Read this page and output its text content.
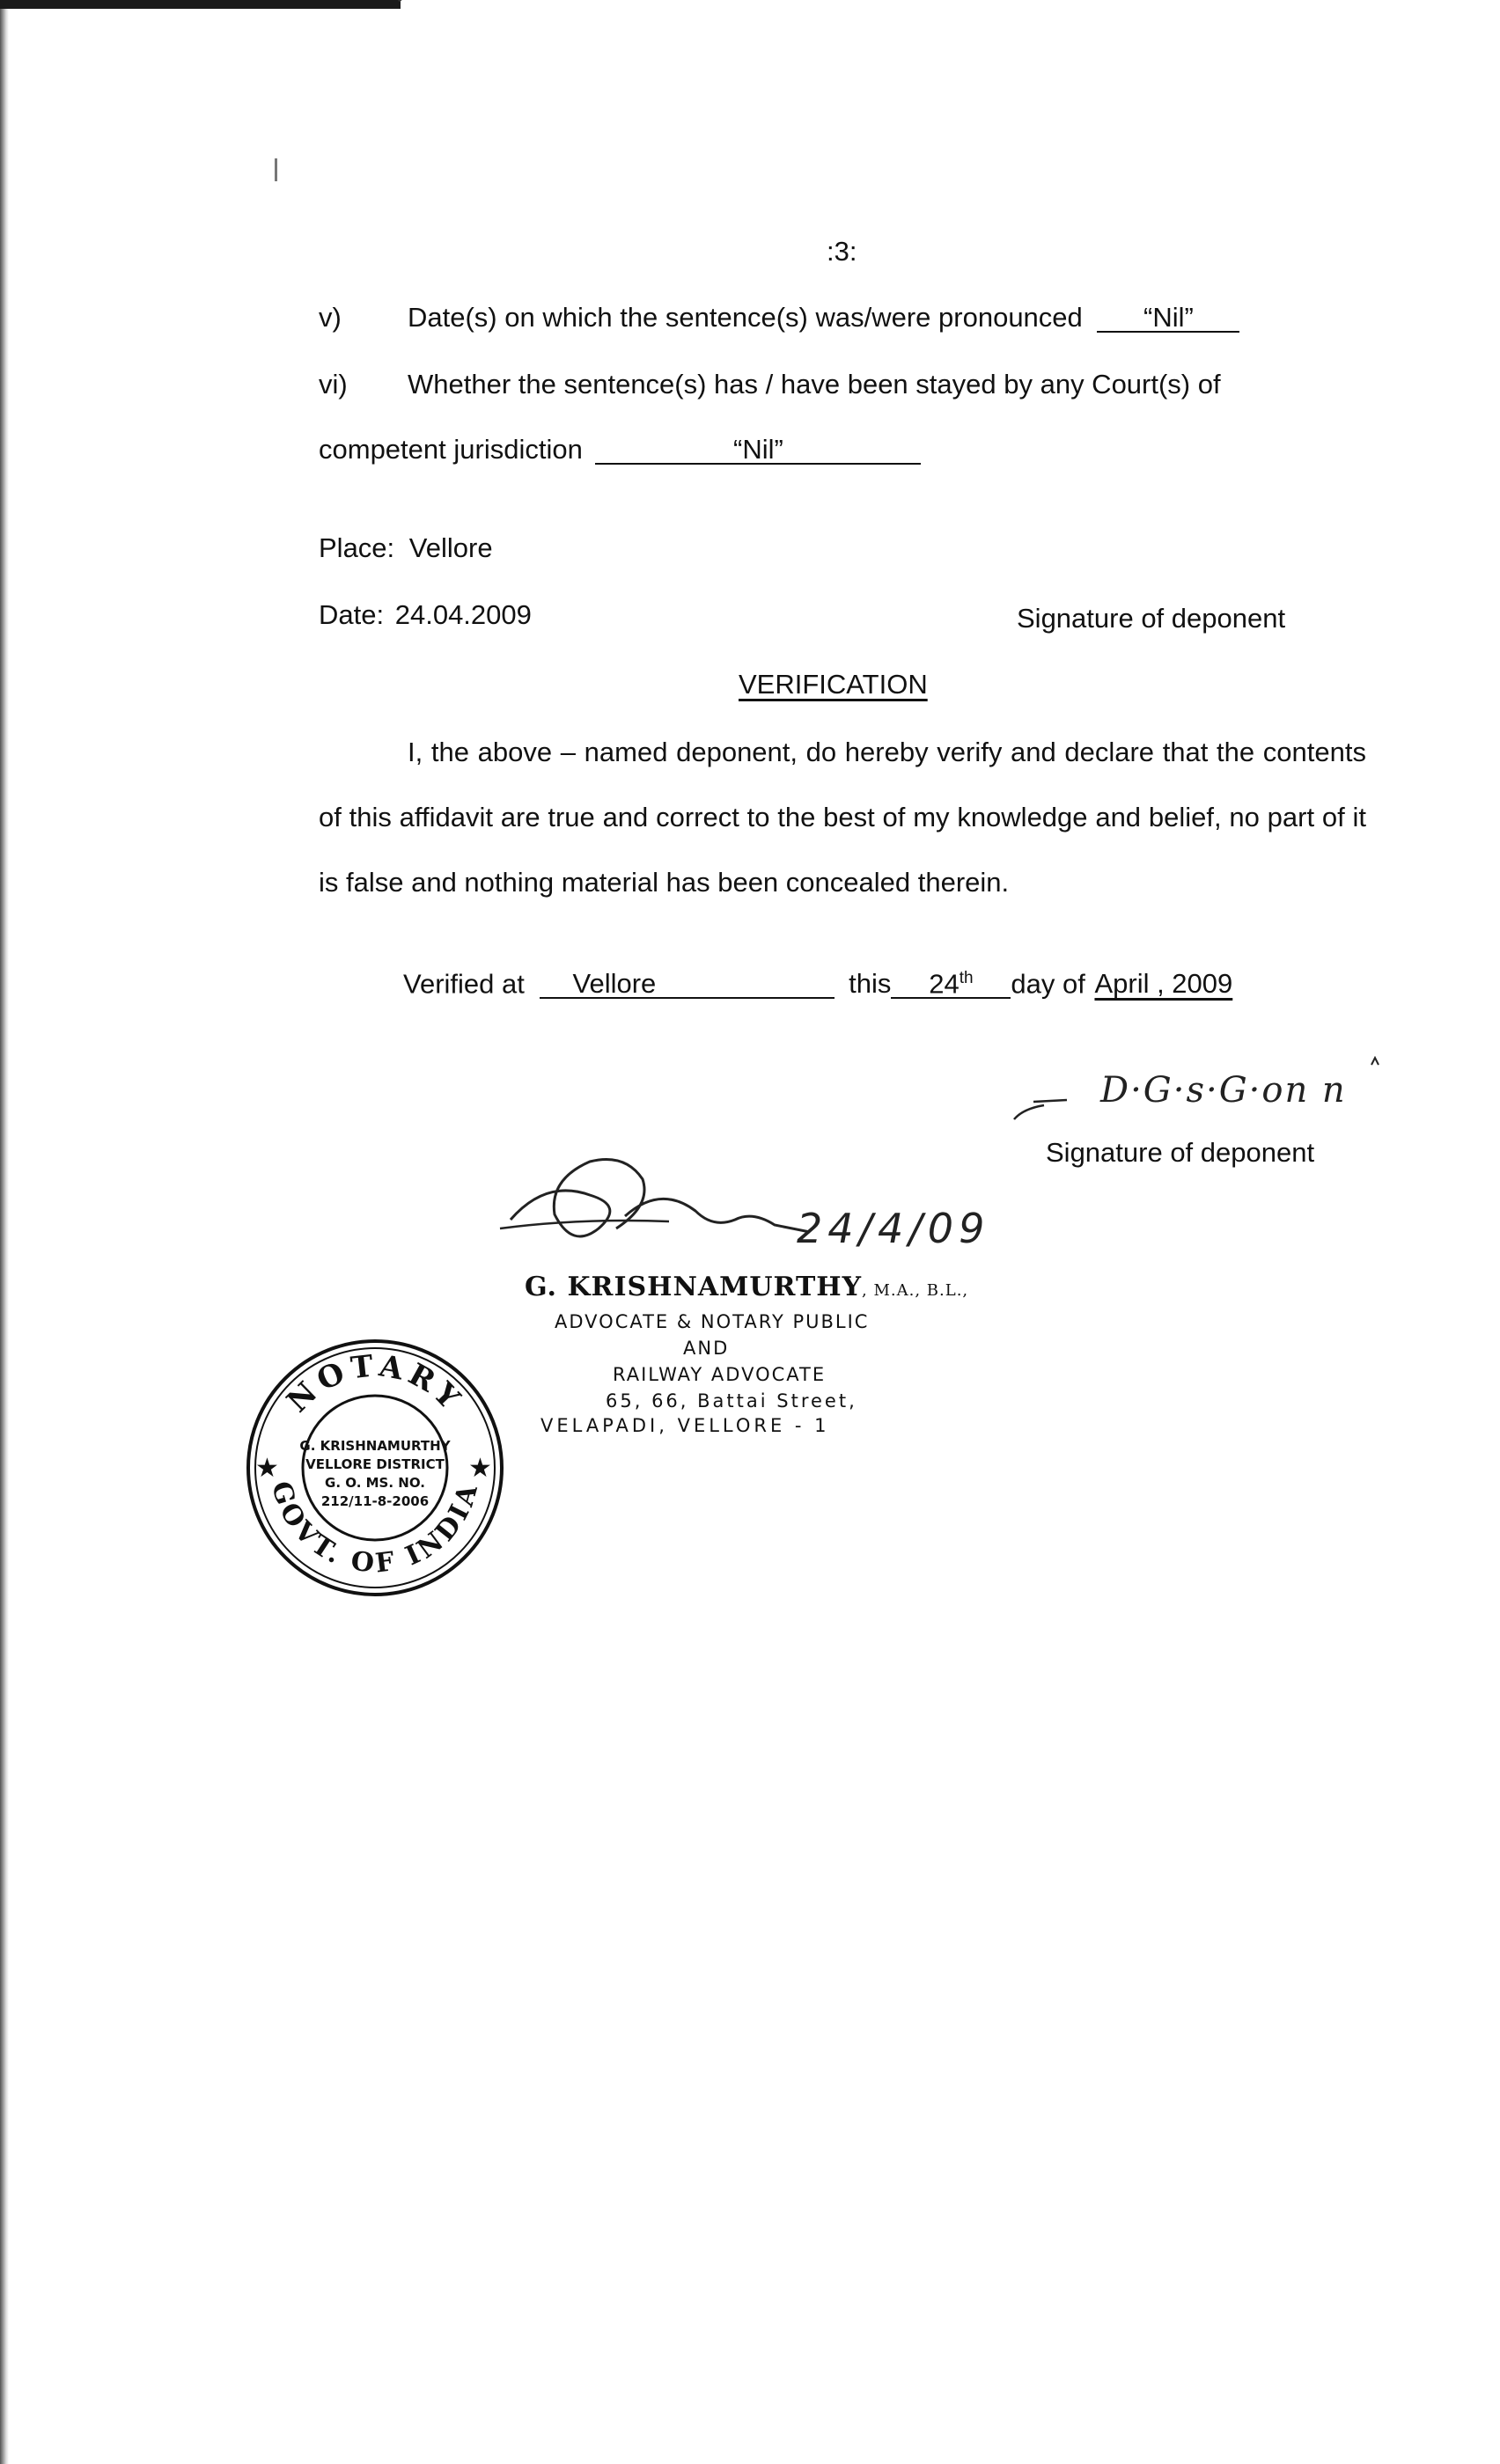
:3:
v) Date(s) on which the sentence(s) was/were pronounced “Nil”
vi) Whether the sentence(s) has / have been stayed by any Court(s) of
competent jurisdiction	“Nil”
Place: Vellore
Date: 24.04.2009	Signature of deponent
VERIFICATION
I, the above – named deponent, do hereby verify and declare that the contents of this affidavit are true and correct to the best of my knowledge and belief, no part of it is false and nothing material has been concealed therein.
Verified at Vellore	this 24th day of April , 2009
D·G·s·G·on n
Signature of deponent
24/4/09
G. KRISHNAMURTHY, M.A., B.L.,
ADVOCATE & NOTARY PUBLIC
AND
RAILWAY ADVOCATE
65, 66, Battai Street,
VELAPADI, VELLORE - 1
NOTARY
GOVT. OF INDIA
★	★
G. KRISHNAMURTHY
VELLORE DISTRICT
G. O. MS. NO.
212/11-8-2006
